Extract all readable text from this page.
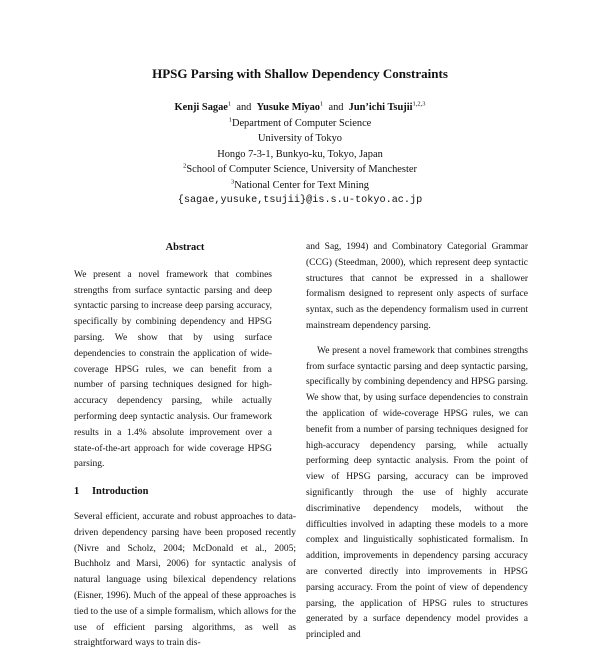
HPSG Parsing with Shallow Dependency Constraints
Kenji Sagae$^1$ and Yusuke Miyao$^1$ and Jun’ichi Tsujii$^{1,2,3}$
$^1$Department of Computer Science
University of Tokyo
Hongo 7-3-1, Bunkyo-ku, Tokyo, Japan
$^2$School of Computer Science, University of Manchester
$^3$National Center for Text Mining
{sagae,yusuke,tsujii}@is.s.u-tokyo.ac.jp
Abstract

We present a novel framework that combines strengths from surface syntactic parsing and deep syntactic parsing to increase deep parsing accuracy, specifically by combining dependency and HPSG parsing. We show that by using surface dependencies to constrain the application of wide-coverage HPSG rules, we can benefit from a number of parsing techniques designed for high-accuracy dependency parsing, while actually performing deep syntactic analysis. Our framework results in a 1.4% absolute improvement over a state-of-the-art approach for wide coverage HPSG parsing.

1 Introduction

Several efficient, accurate and robust approaches to data-driven dependency parsing have been proposed recently (Nivre and Scholz, 2004; McDonald et al., 2005; Buchholz and Marsi, 2006) for syntactic analysis of natural language using bilexical dependency relations (Eisner, 1996). Much of the appeal of these approaches is tied to the use of a simple formalism, which allows for the use of efficient parsing algorithms, as well as straightforward ways to train dis-

and Sag, 1994) and Combinatory Categorial Grammar (CCG) (Steedman, 2000), which represent deep syntactic structures that cannot be expressed in a shallower formalism designed to represent only aspects of surface syntax, such as the dependency formalism used in current mainstream dependency parsing.

We present a novel framework that combines strengths from surface syntactic parsing and deep syntactic parsing, specifically by combining dependency and HPSG parsing. We show that, by using surface dependencies to constrain the application of wide-coverage HPSG rules, we can benefit from a number of parsing techniques designed for high-accuracy dependency parsing, while actually performing deep syntactic analysis. From the point of view of HPSG parsing, accuracy can be improved significantly through the use of highly accurate discriminative dependency models, without the difficulties involved in adapting these models to a more complex and linguistically sophisticated formalism. In addition, improvements in dependency parsing accuracy are converted directly into improvements in HPSG parsing accuracy. From the point of view of dependency parsing, the application of HPSG rules to structures generated by a surface dependency model provides a principled and
